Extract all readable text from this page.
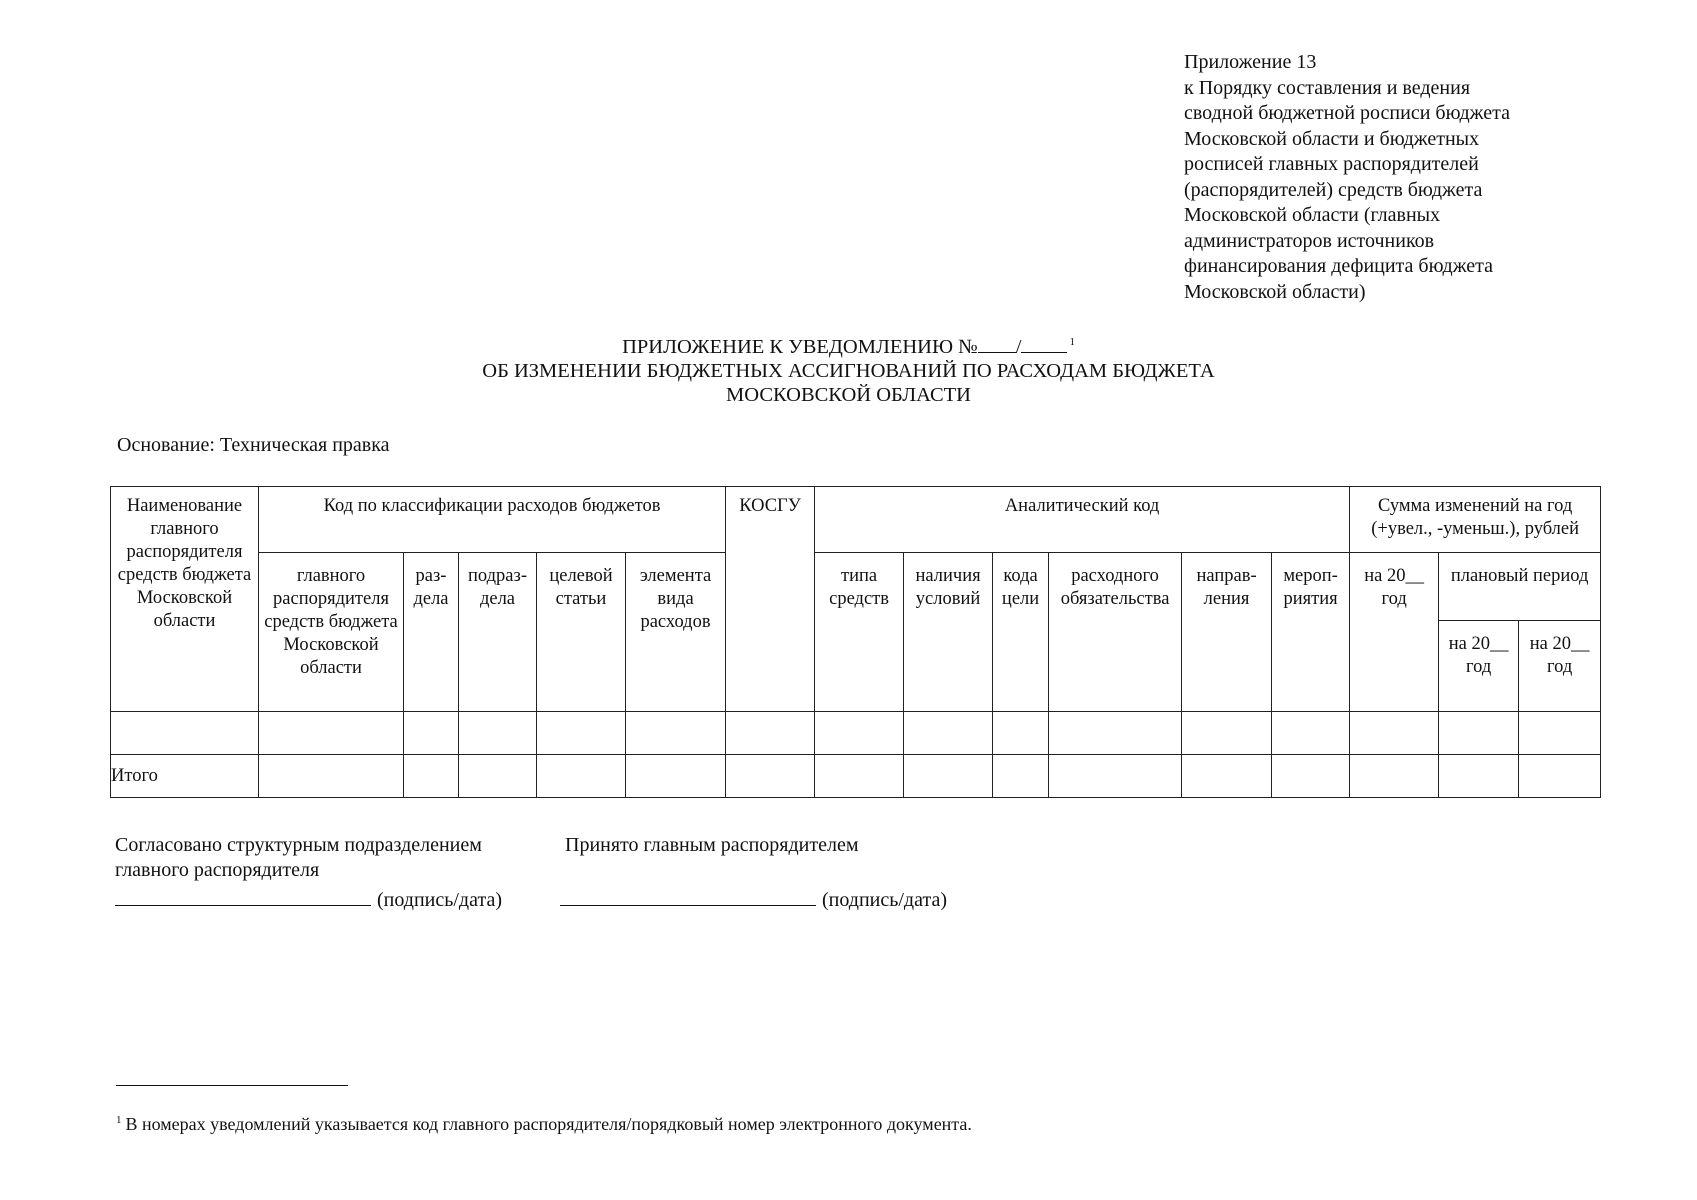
Приложение 13
к Порядку составления и ведения
сводной бюджетной росписи бюджета
Московской области и бюджетных
росписей главных распорядителей
(распорядителей) средств бюджета
Московской области (главных
администраторов источников
финансирования дефицита бюджета
Московской области)
ПРИЛОЖЕНИЕ К УВЕДОМЛЕНИЮ № /	$^1$
ОБ ИЗМЕНЕНИИ БЮДЖЕТНЫХ АССИГНОВАНИЙ ПО РАСХОДАМ БЮДЖЕТА
МОСКОВСКОЙ ОБЛАСТИ
Основание: Техническая правка
Наименование главного распорядителя средств бюджета Московской области	Код по классификации расходов бюджетов					КОСГУ	Аналитический код						Сумма изменений на год (+увел., -уменьш.), рублей		
	главного распорядителя средств бюджета Московской области	раз-дела	подраз-дела	целевой статьи	элемента вида расходов		типа средств	наличия условий	кода цели	расходного обязательства	направ-ления	мероп-риятия	на 20__ год	плановый период	
														на 20__ год	на 20__ год

Итого															
Согласовано структурным подразделением
главного распорядителя
Принято главным распорядителем
(подпись/дата)	(подпись/дата)
$^1$ В номерах уведомлений указывается код главного распорядителя/порядковый номер электронного документа.
